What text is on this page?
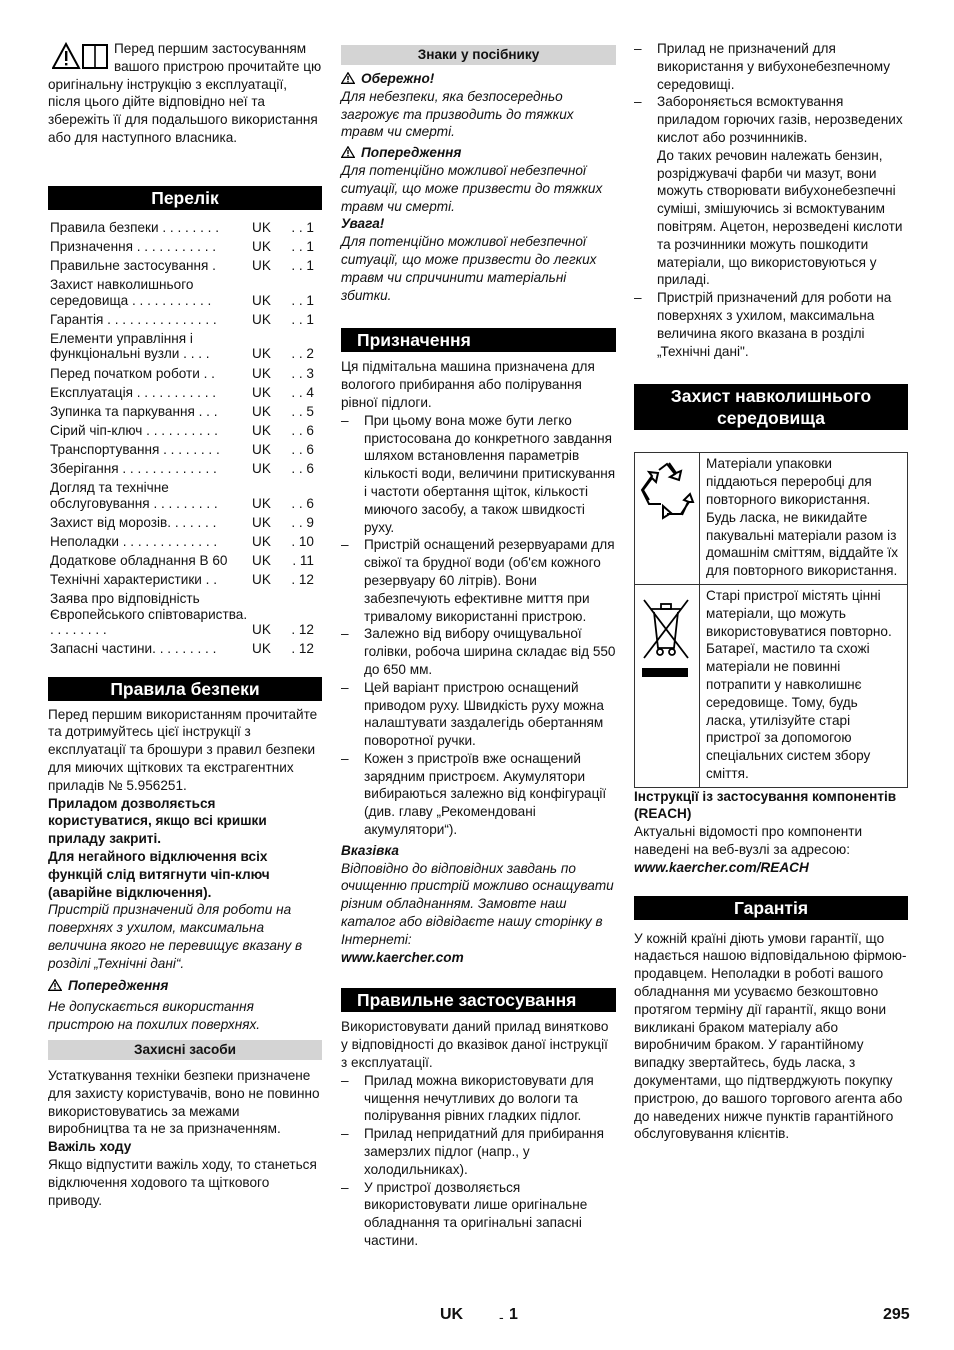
Перед першим застосуванням вашого пристрою прочитайте цю оригінальну інструкцію з експлуатації, після цього дійте відповідно неї та збережіть її для подальшого використання або для наступного власника.
Перелік
Правила безпеки . . . . . . . .	UK	. . 1
Призначення . . . . . . . . . . .	UK	. . 1
Правильне застосування .	UK	. . 1
Захист навколишнього середовища . . . . . . . . . . .	UK	. . 1
Гарантія . . . . . . . . . . . . . . .	UK	. . 1
Елементи управління і функціональні вузли . . . .	UK	. . 2
Перед початком роботи . .	UK	. . 3
Експлуатація . . . . . . . . . . .	UK	. . 4
Зупинка та паркування . . .	UK	. . 5
Сірий чіп-ключ . . . . . . . . . .	UK	. . 6
Транспортування . . . . . . . .	UK	. . 6
Зберігання . . . . . . . . . . . . .	UK	. . 6
Догляд та технічне обслуговування . . . . . . . . .	UK	. . 6
Захист від морозів. . . . . . .	UK	. . 9
Неполадки . . . . . . . . . . . . .	UK	. 10
Додаткове обладнання B 60	UK	. 11
Технічні характеристики . .	UK	. 12
Заява про відповідність Європейського співтовариства. . . . . . . . .	UK	. 12
Запасні частини. . . . . . . . .	UK	. 12
Правила безпеки

Перед першим використанням прочитайте та дотримуйтесь цієї інструкції з експлуатації та брошури з правил безпеки для миючих щіткових та екстрагентних приладів № 5.956251.

Приладом дозволяється користуватися, якщо всі кришки приладу закриті.

Для негайного відключення всіх функцій слід витягнути чіп-ключ (аварійне відключення).

Пристрій призначений для роботи на поверхнях з ухилом, максимальна величина якого не перевищує вказану в розділі „Технічні дані“.

Попередження

Не допускається використання пристрою на похилих поверхнях.

Захисні засоби

Устаткування техніки безпеки призначене для захисту користувачів, воно не повинно використовуватись за межами виробництва та не за призначенням.

Важіль ходу

Якщо відпустити важіль ходу, то станеться відключення ходового та щіткового приводу.

Знаки у посібнику

Обережно!

Для небезпеки, яка безпосередньо загрожує та призводить до тяжких травм чи смерті.

Попередження

Для потенційно можливої небезпечної ситуації, що може призвести до тяжких травм чи смерті.

Увага!

Для потенційно можливої небезпечної ситуації, що може призвести до легких травм чи спричинити матеріальні збитки.

Призначення

Ця підмітальна машина призначена для вологого прибирання або полірування рівної підлоги.

– При цьому вона може бути легко пристосована до конкретного завдання шляхом встановлення параметрів кількості води, величини притискування і частоти обертання щіток, кількості миючого засобу, а також швидкості руху.
– Пристрій оснащений резервуарами для свіжої та брудної води (об'єм кожного резервуару 60 літрів). Вони забезпечують ефективне миття при тривалому використанні пристрою.
– Залежно від вибору очищувальної голівки, робоча ширина складає від 550 до 650 мм.
– Цей варіант пристрою оснащений приводом руху. Швидкість руху можна налаштувати заздалегідь обертанням поворотної ручки.
– Кожен з пристроїв вже оснащений зарядним пристроєм. Акумулятори вибираються залежно від конфігурації (див. главу „Рекомендовані акумулятори“).

Вказівка

Відповідно до відповідних завдань по очищенню пристрій можливо оснащувати різним обладнанням. Замовте наш каталог або відвідаєте нашу сторінку в Інтернеті:

www.kaercher.com

Правильне застосування

Використовувати даний прилад винятково у відповідності до вказівок даної інструкції з експлуатації.

– Прилад можна використовувати для чищення нечутливих до вологи та полірування рівних гладких підлог.
– Прилад непридатний для прибирання замерзлих підлог (напр., у холодильниках).
– У пристрої дозволяється використовувати лише оригінальне обладнання та оригінальні запасні частини.
– Прилад не призначений для використання у вибухонебезпечному середовищі.
– Забороняється всмоктування приладом горючих газів, нерозведених кислот або розчинників.

До таких речовин належать бензин, розріджувачі фарби чи мазут, вони можуть створювати вибухонебезпечні суміші, змішуючись зі всмоктуваним повітрям. Ацетон, нерозведені кислоти та розчинники можуть пошкодити матеріали, що використовуються у приладі.

– Пристрій призначений для роботи на поверхнях з ухилом, максимальна величина якого вказана в розділі „Технічні дані".
Захист навколишнього середовища
	Матеріали упаковки піддаються переробці для повторного використання. Будь ласка, не викидайте пакувальні матеріали разом із домашнім сміттям, віддайте їх для повторного використання.

	Старі пристрої містять цінні матеріали, що можуть використовуватися повторно. Батареї, мастило та схожі матеріали не повинні потрапити у навколишнє середовище. Тому, будь ласка, утилізуйте старі пристрої за допомогою спеціальних систем збору сміття.

Інструкції із застосування компонентів (REACH)

Актуальні відомості про компоненти наведені на веб-вузлі за адресою:

www.kaercher.com/REACH

Гарантія

У кожній країні діють умови гарантії, що надається нашою відповідальною фірмою-продавцем. Неполадки в роботі вашого обладнання ми усуваємо безкоштовно протягом терміну дії гарантії, якщо вони викликані браком матеріалу або виробничим браком. У гарантійному випадку звертайтесь, будь ласка, з документами, що підтверджують покупку пристрою, до вашого торгового агента або до наведених нижче пунктів гарантійного обслуговування клієнтів.

UK	- 1	295
